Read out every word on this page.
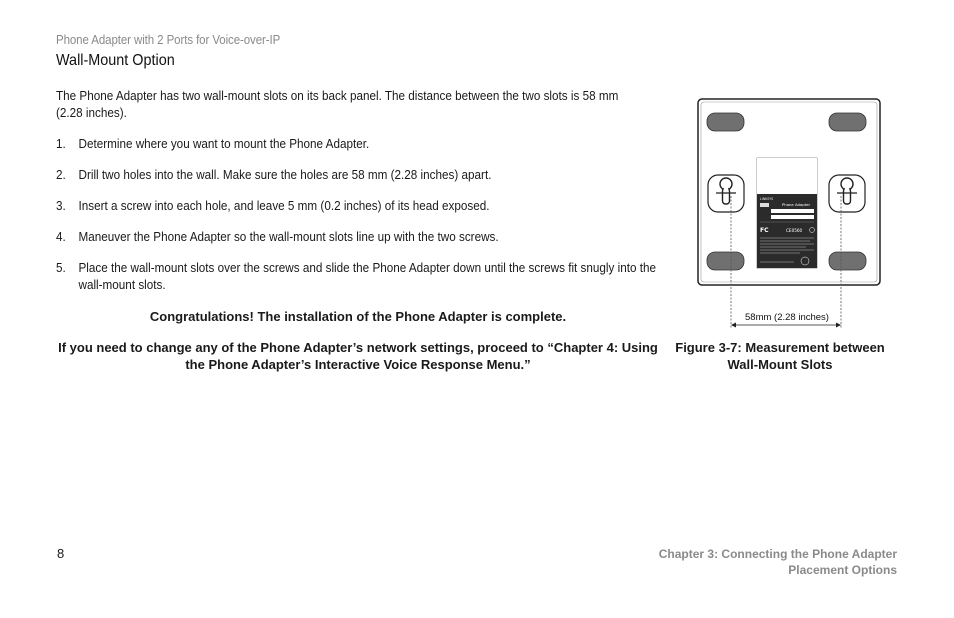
Phone Adapter with 2 Ports for Voice-over-IP
Wall-Mount Option
The Phone Adapter has two wall-mount slots on its back panel. The distance between the two slots is 58 mm (2.28 inches).
1. Determine where you want to mount the Phone Adapter.
2. Drill two holes into the wall. Make sure the holes are 58 mm (2.28 inches) apart.
3. Insert a screw into each hole, and leave 5 mm (0.2 inches) of its head exposed.
4. Maneuver the Phone Adapter so the wall-mount slots line up with the two screws.
5. Place the wall-mount slots over the screws and slide the Phone Adapter down until the screws fit snugly into the wall-mount slots.
Congratulations! The installation of the Phone Adapter is complete.
If you need to change any of the Phone Adapter’s network settings, proceed to “Chapter 4: Using the Phone Adapter’s Interactive Voice Response Menu.”
LINKSYS
Phone Adapter
FC	CE0560
58mm (2.28 inches)
Figure 3-7: Measurement between Wall-Mount Slots
8	Chapter 3: Connecting the Phone Adapter
Placement Options
